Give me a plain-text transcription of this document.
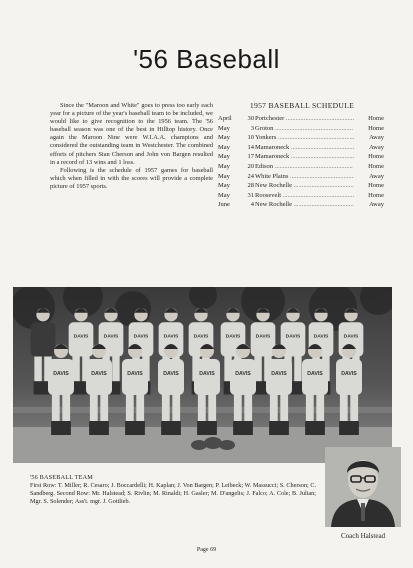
'56 Baseball

Since the "Maroon and White" goes to press too early each year for a picture of the year's baseball team to be included, we would like to give recognition to the 1956 team. The '56 baseball season was one of the best in Hilltop history. Once again the Maroon Nine were W.I.A.A. champions and considered the outstanding team in Westchester. The combined efforts of pitchers Stan Cherson and John von Bargen resulted in a record of 13 wins and 1 loss.

Following is the schedule of 1957 games for baseball which when filled in with the scores will provide a complete picture of 1957 sports.

1957 BASEBALL SCHEDULE
April	30 Portchester .....	Home
May	3 Groton .....	Home
May	10 Yonkers .....	Away
May	14 Mamaroneck .....	Away
May	17 Mamaroneck .....	Home
May	20 Edison .....	Home
May	24 White Plains .....	Away
May	28 New Rochelle .....	Home
May	31 Roosevelt .....	Home
June	4 New Rochelle .....	Away
DAVIS	DAVIS	DAVIS	DAVIS	DAVIS	DAVIS	DAVIS	DAVIS	DAVIS	DAVIS
DAVIS	DAVIS	DAVIS	DAVIS	DAVIS	DAVIS	DAVIS	DAVIS	DAVIS
'56 BASEBALL TEAM
First Row: T. Miller; R. Cesaro; J. Boccardelli; H. Kaplan; J. Von Bargen; P. Leibeck; W. Massucci; S. Cherson; C. Sandberg. Second Row: Mr. Halstead; S. Rivlin; M. Rinaldi; H. Gasler; M. D'angelis; J. Falco; A. Cole; B. Julian; Mgr. S. Solender; Ass't. mgr. J. Gottlieb.
Coach Halstead
Page 69
